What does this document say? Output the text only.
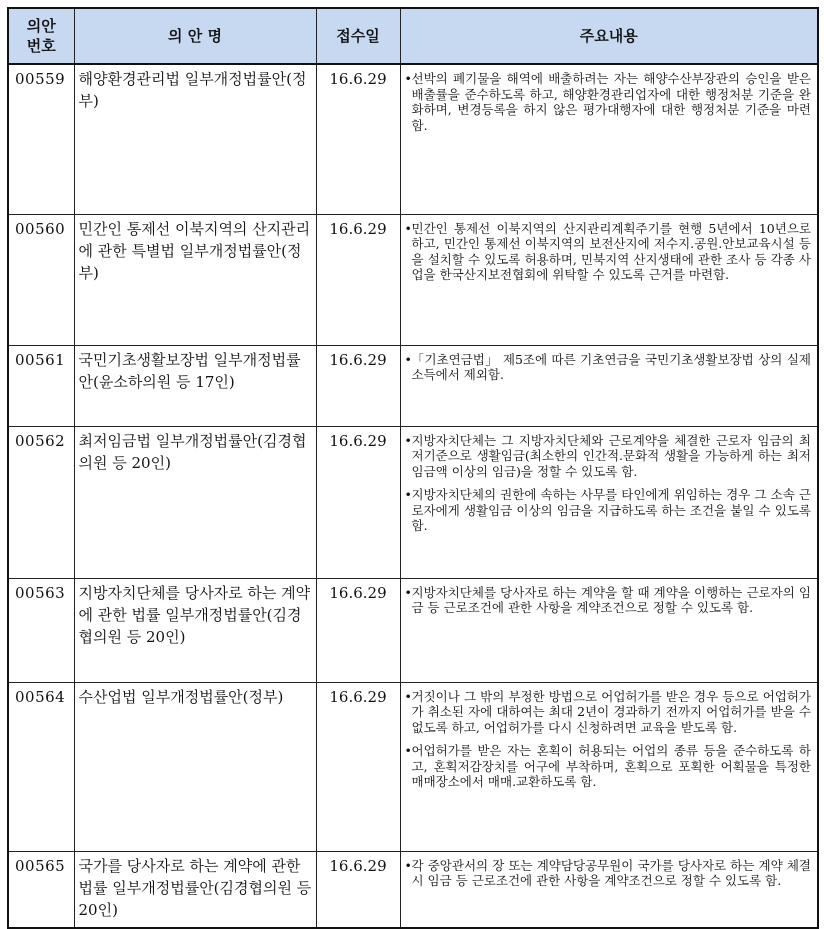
의안
번호	의 안 명	접수일	주요내용
00559	해양환경관리법 일부개정법률안(정부)	16.6.29	• 선박의 폐기물을 해역에 배출하려는 자는 해양수산부장관의 승인을 받은 배출률을 준수하도록 하고, 해양환경관리업자에 대한 행정처분 기준을 완화하며, 변경등록을 하지 않은 평가대행자에 대한 행정처분 기준을 마련함.

00560	민간인 통제선 이북지역의 산지관리에 관한 특별법 일부개정법률안(정부)	16.6.29	• 민간인 통제선 이북지역의 산지관리계획주기를 현행 5년에서 10년으로 하고, 민간인 통제선 이북지역의 보전산지에 저수지.공원.안보교육시설 등을 설치할 수 있도록 허용하며, 민북지역 산지생태에 관한 조사 등 각종 사업을 한국산지보전협회에 위탁할 수 있도록 근거를 마련함.

00561	국민기초생활보장법 일부개정법률안(윤소하의원 등 17인)	16.6.29	• 「기초연금법」 제5조에 따른 기초연금을 국민기초생활보장법 상의 실제소득에서 제외함.

00562	최저임금법 일부개정법률안(김경협의원 등 20인)	16.6.29	• 지방자치단체는 그 지방자치단체와 근로계약을 체결한 근로자 임금의 최저기준으로 생활임금(최소한의 인간적.문화적 생활을 가능하게 하는 최저임금액 이상의 임금)을 정할 수 있도록 함.
• 지방자치단체의 권한에 속하는 사무를 타인에게 위임하는 경우 그 소속 근로자에게 생활임금 이상의 임금을 지급하도록 하는 조건을 붙일 수 있도록 함.

00563	지방자치단체를 당사자로 하는 계약에 관한 법률 일부개정법률안(김경협의원 등 20인)	16.6.29	• 지방자치단체를 당사자로 하는 계약을 할 때 계약을 이행하는 근로자의 임금 등 근로조건에 관한 사항을 계약조건으로 정할 수 있도록 함.

00564	수산업법 일부개정법률안(정부)	16.6.29	• 거짓이나 그 밖의 부정한 방법으로 어업허가를 받은 경우 등으로 어업허가가 취소된 자에 대하여는 최대 2년이 경과하기 전까지 어업허가를 받을 수 없도록 하고, 어업허가를 다시 신청하려면 교육을 받도록 함.
• 어업허가를 받은 자는 혼획이 허용되는 어업의 종류 등을 준수하도록 하고, 혼획저감장치를 어구에 부착하며, 혼획으로 포획한 어획물을 특정한 매매장소에서 매매.교환하도록 함.

00565	국가를 당사자로 하는 계약에 관한 법률 일부개정법률안(김경협의원 등 20인)	16.6.29	• 각 중앙관서의 장 또는 계약담당공무원이 국가를 당사자로 하는 계약 체결 시 임금 등 근로조건에 관한 사항을 계약조건으로 정할 수 있도록 함.
